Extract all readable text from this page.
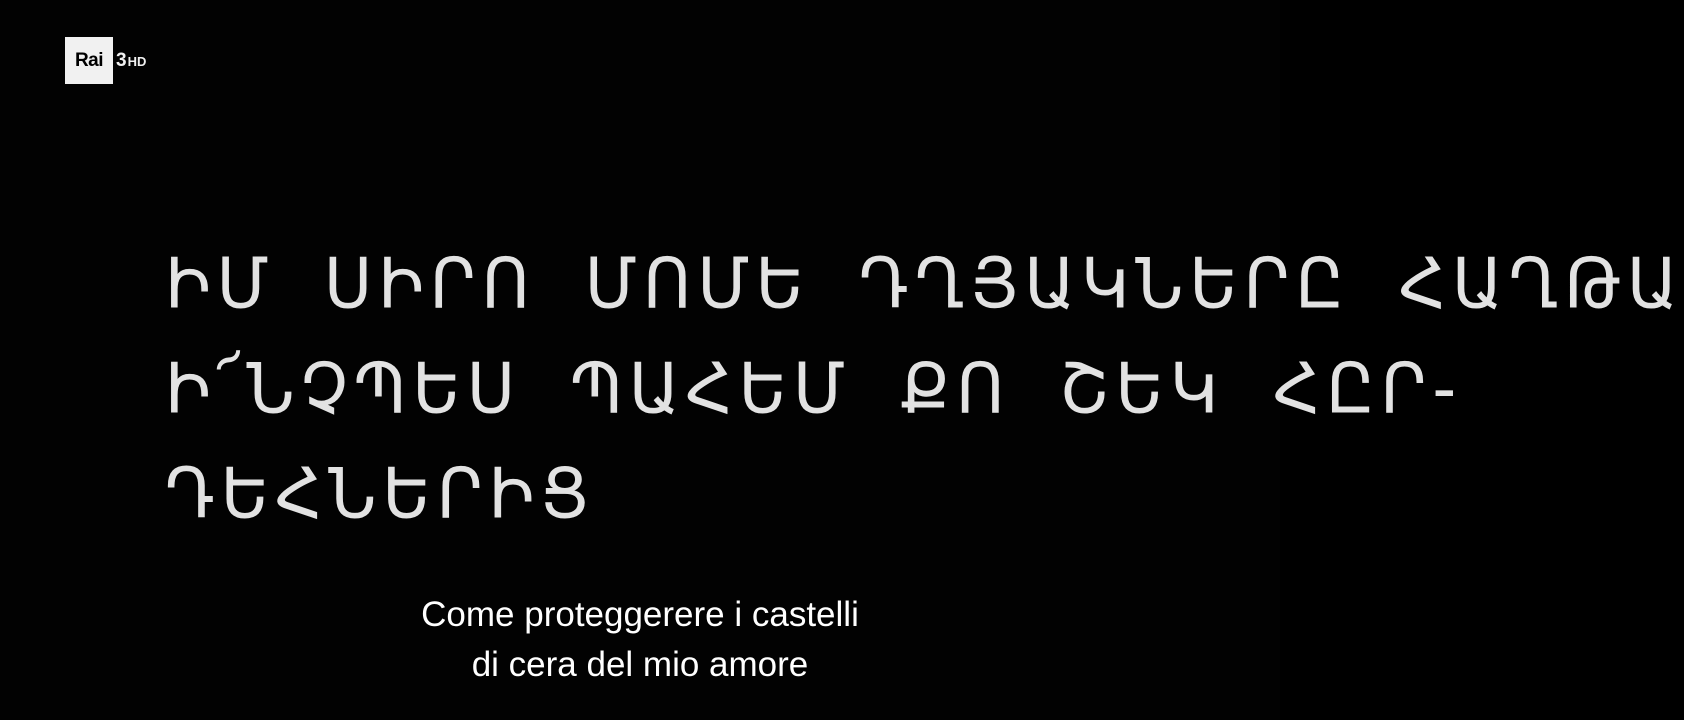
Rai 3 HD
ԻՄ ՍԻՐՈ ՄՈՄԵ ԴՂՅԱԿՆԵՐԸ ՀԱՂԹԱ
Ի՜ՆՉՊԵՍ ՊԱՀԵՄ ՔՈ ՇԵԿ ՀԸՐ-
ԴԵՀՆԵՐԻՑ
Come proteggerere i castelli
di cera del mio amore
